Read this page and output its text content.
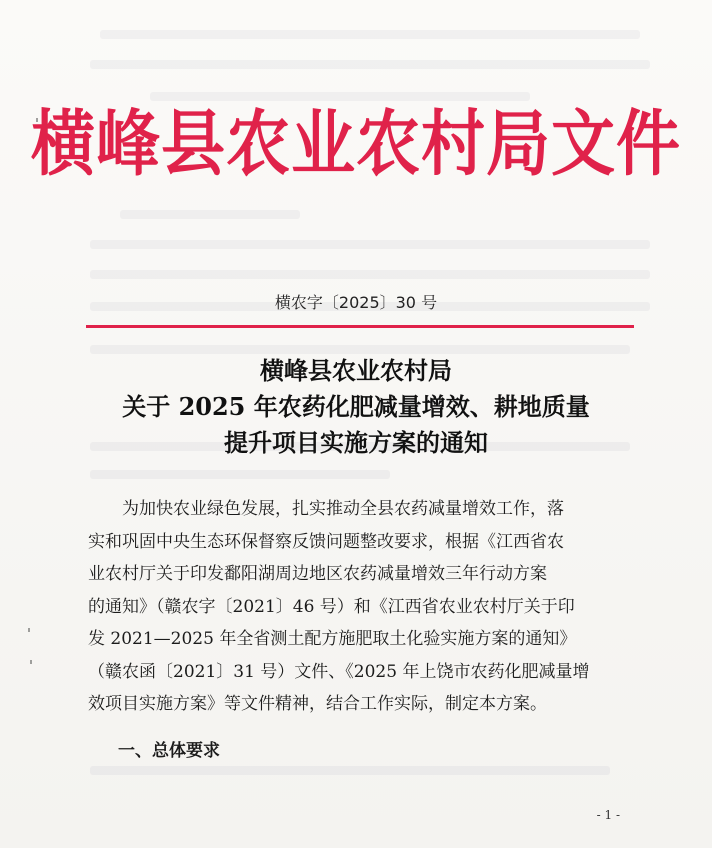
横峰县农业农村局文件
横农字〔2025〕30 号
横峰县农业农村局
关于 2025 年农药化肥减量增效、耕地质量
提升项目实施方案的通知
　　为加快农业绿色发展，扎实推动全县农药减量增效工作，落
实和巩固中央生态环保督察反馈问题整改要求，根据《江西省农
业农村厅关于印发鄱阳湖周边地区农药减量增效三年行动方案
的通知》（赣农字〔2021〕46 号）和《江西省农业农村厅关于印
发 2021—2025 年全省测土配方施肥取土化验实施方案的通知》
（赣农函〔2021〕31 号）文件、《2025 年上饶市农药化肥减量增
效项目实施方案》等文件精神，结合工作实际，制定本方案。
一、总体要求
- 1 -
